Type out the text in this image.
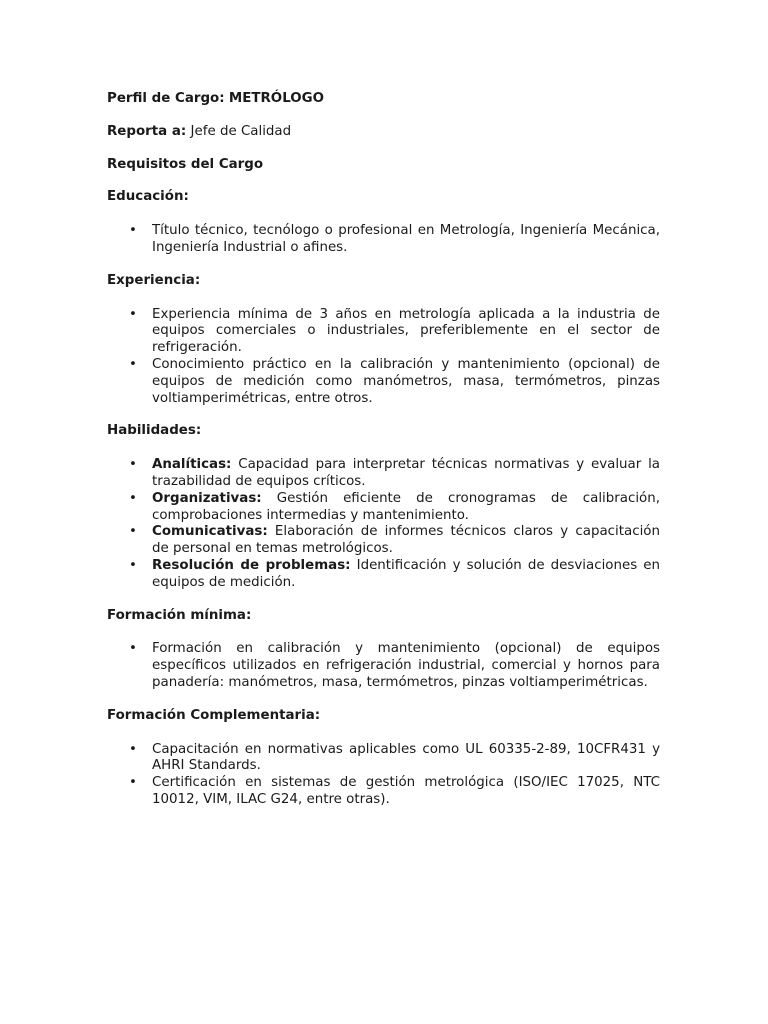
Perfil de Cargo: METRÓLOGO

Reporta a: Jefe de Calidad

Requisitos del Cargo

Educación:

• Título técnico, tecnólogo o profesional en Metrología, Ingeniería Mecánica, Ingeniería Industrial o afines.

Experiencia:

• Experiencia mínima de 3 años en metrología aplicada a la industria de equipos comerciales o industriales, preferiblemente en el sector de refrigeración.
• Conocimiento práctico en la calibración y mantenimiento (opcional) de equipos de medición como manómetros, masa, termómetros, pinzas voltiamperimétricas, entre otros.

Habilidades:

• Analíticas: Capacidad para interpretar técnicas normativas y evaluar la trazabilidad de equipos críticos.
• Organizativas: Gestión eficiente de cronogramas de calibración, comprobaciones intermedias y mantenimiento.
• Comunicativas: Elaboración de informes técnicos claros y capacitación de personal en temas metrológicos.
• Resolución de problemas: Identificación y solución de desviaciones en equipos de medición.

Formación mínima:

• Formación en calibración y mantenimiento (opcional) de equipos específicos utilizados en refrigeración industrial, comercial y hornos para panadería: manómetros, masa, termómetros, pinzas voltiamperimétricas.

Formación Complementaria:

• Capacitación en normativas aplicables como UL 60335-2-89, 10CFR431 y AHRI Standards.
• Certificación en sistemas de gestión metrológica (ISO/IEC 17025, NTC 10012, VIM, ILAC G24, entre otras).
